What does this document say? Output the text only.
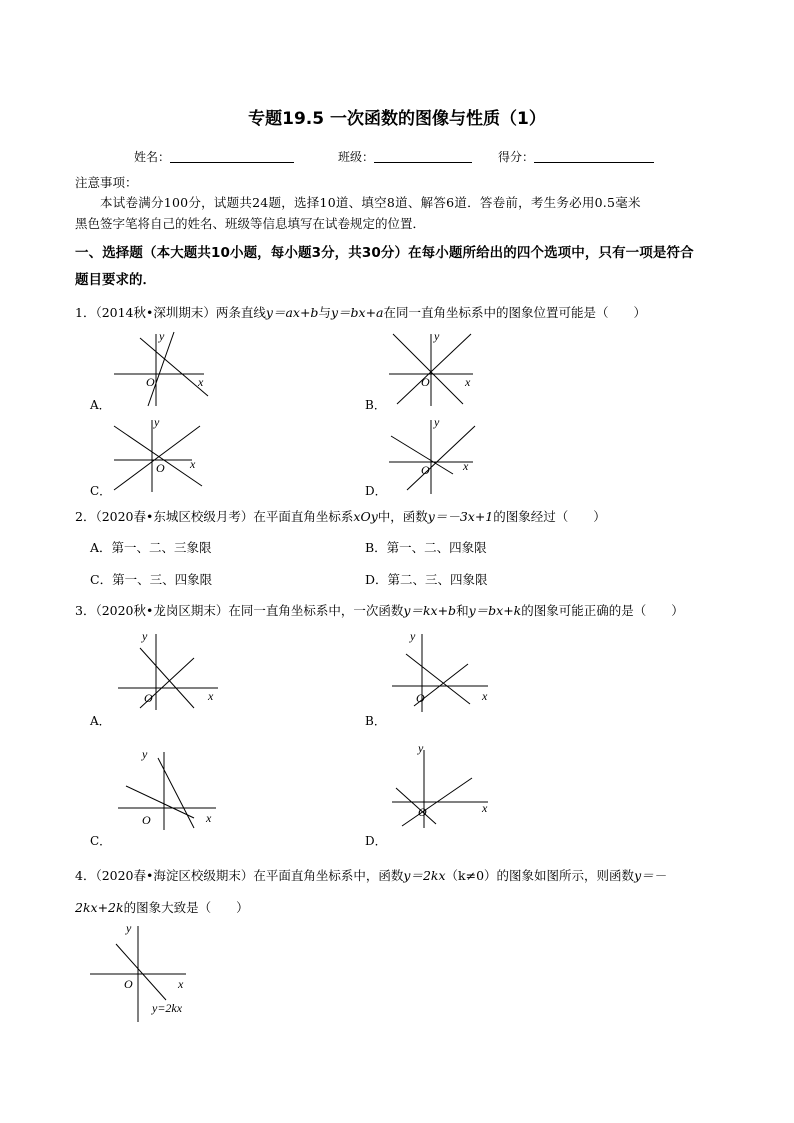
专题19.5 一次函数的图像与性质（1）
姓名：	班级：	得分：
注意事项：
本试卷满分100分，试题共24题，选择10道、填空8道、解答6道．答卷前，考生务必用0.5毫米
黑色签字笔将自己的姓名、班级等信息填写在试卷规定的位置．
一、选择题（本大题共10小题，每小题3分，共30分）在每小题所给出的四个选项中，只有一项是符合
题目要求的．
1．（2014秋•深圳期末）两条直线y＝ax+b与y＝bx+a在同一直角坐标系中的图象位置可能是（　　）
y
O	x
A．
y
O	x
B．
y
O x
C．
y
O	x
D．
2．（2020春•东城区校级月考）在平面直角坐标系xOy中，函数y＝－3x+1的图象经过（　　）
A．第一、二、三象限	B．第一、二、四象限
C．第一、三、四象限	D．第二、三、四象限
3．（2020秋•龙岗区期末）在同一直角坐标系中，一次函数y＝kx+b和y＝bx+k的图象可能正确的是（　　）
y
O	x
A．
y
O	x
B．
y
O	x
C．
y
O	x
D．
4．（2020春•海淀区校级期末）在平面直角坐标系中，函数y＝2kx（k≠0）的图象如图所示，则函数y＝－
2kx+2k的图象大致是（　　）
y
O	x
y=2kx
